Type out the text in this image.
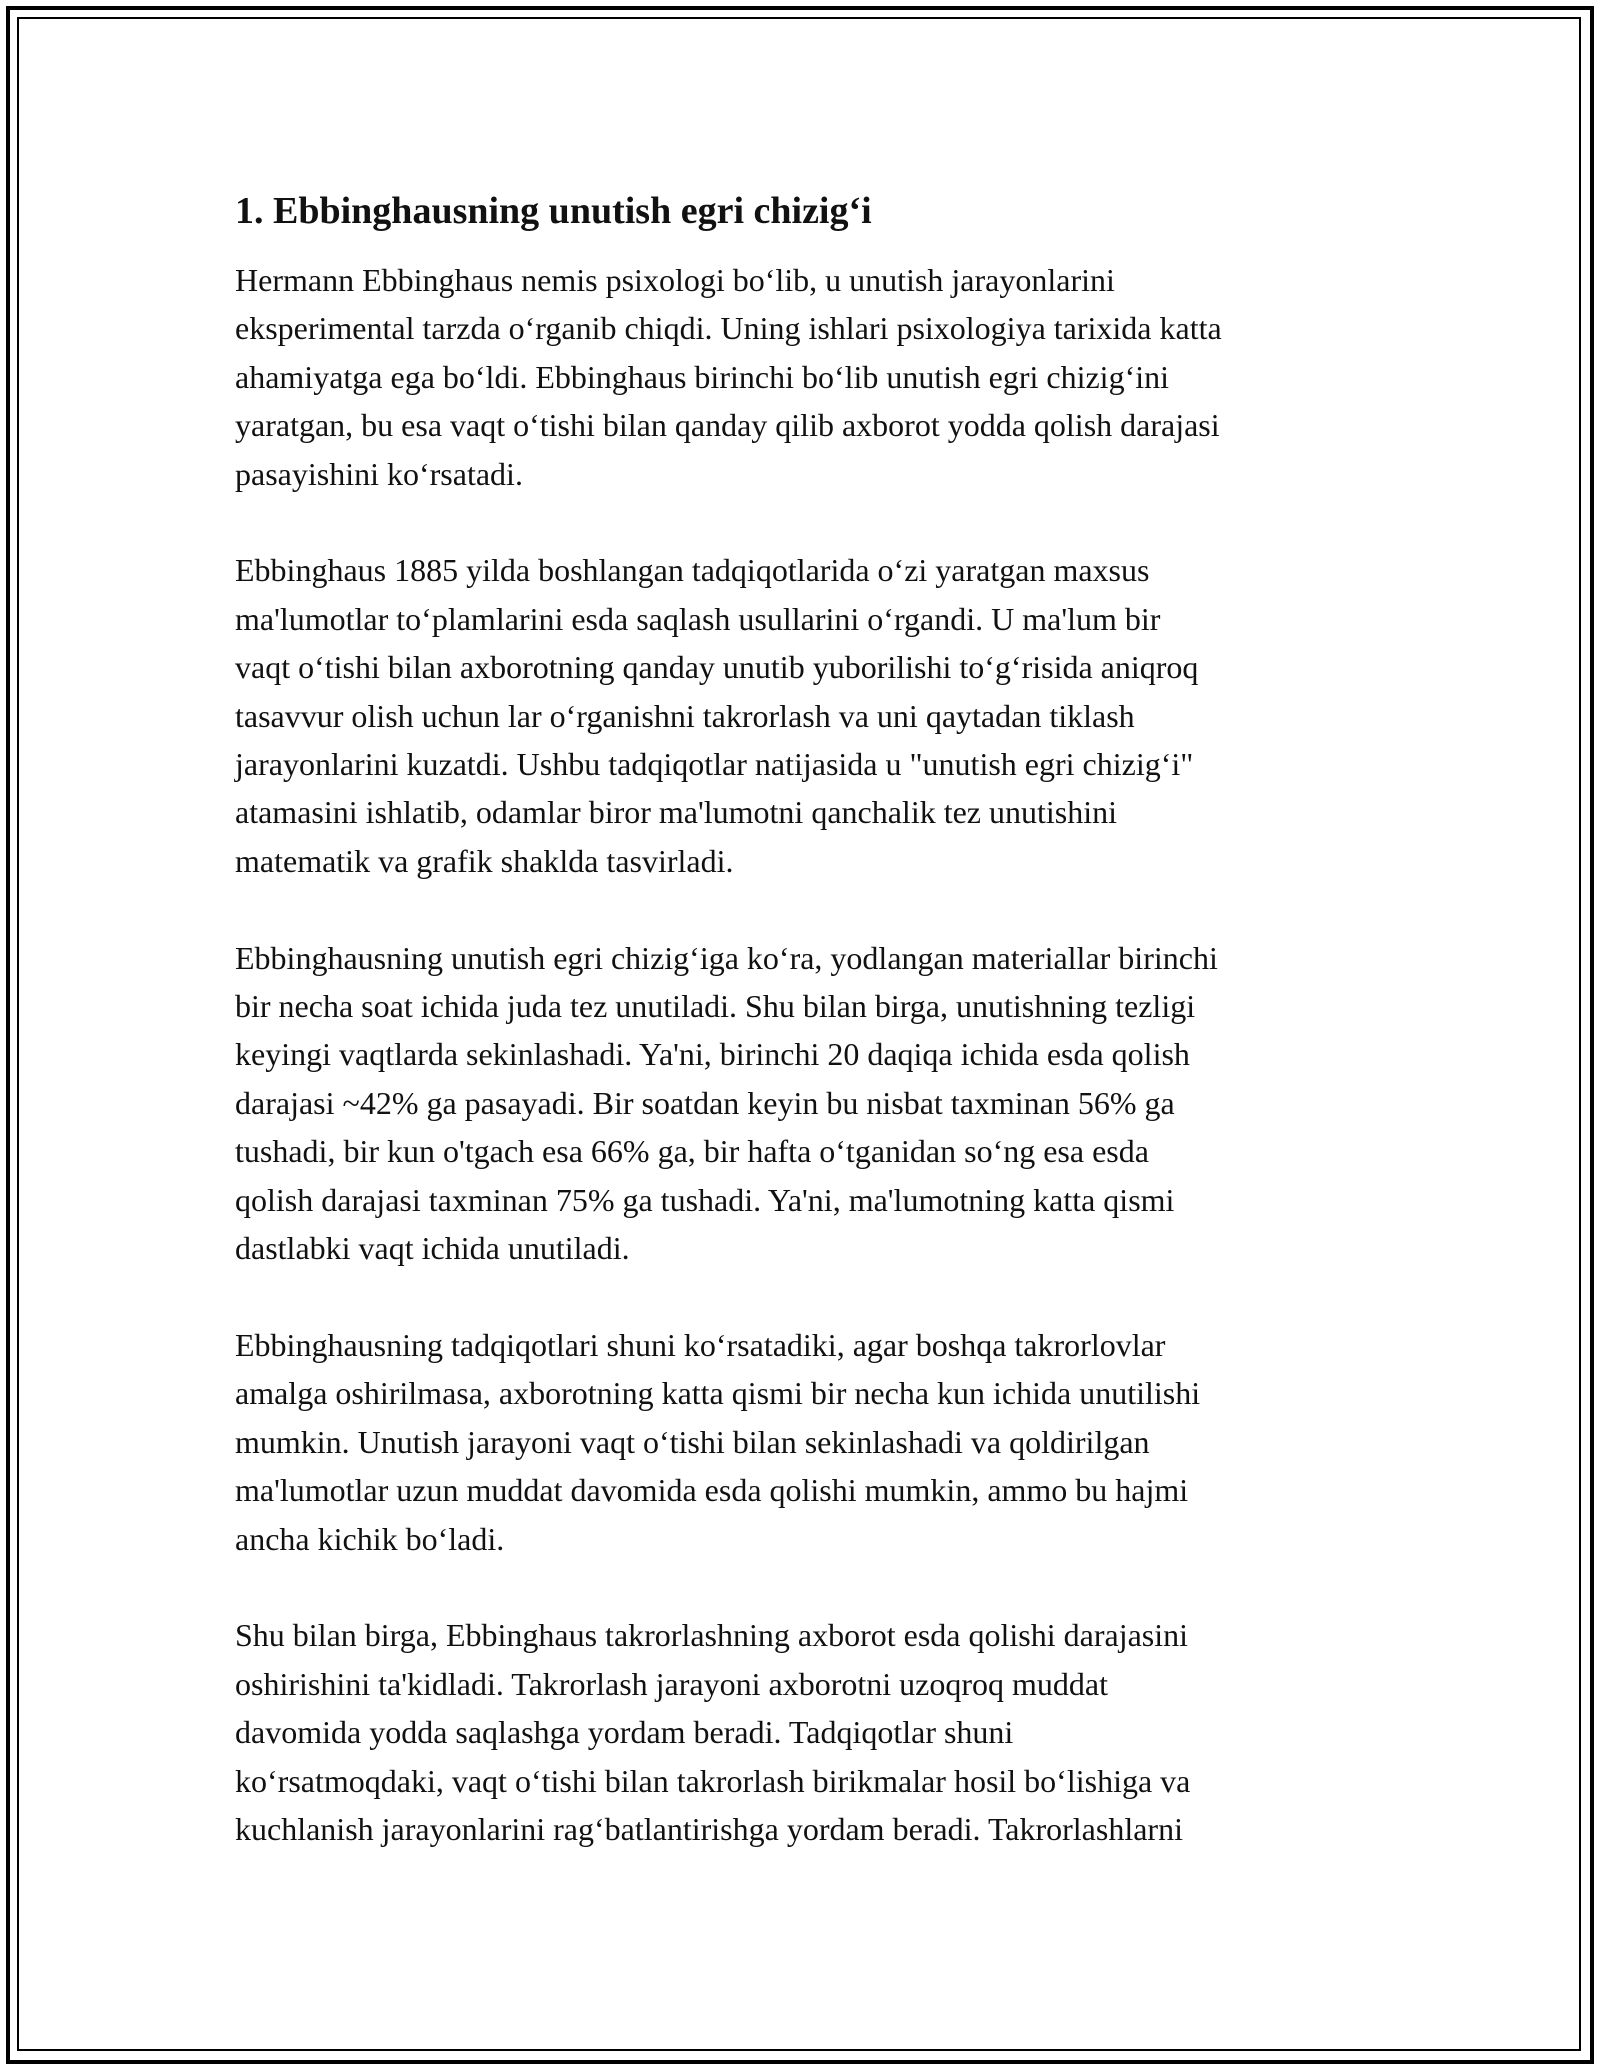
1. Ebbinghausning unutish egri chizig‘i

Hermann Ebbinghaus nemis psixologi bo‘lib, u unutish jarayonlarini
eksperimental tarzda o‘rganib chiqdi. Uning ishlari psixologiya tarixida katta
ahamiyatga ega bo‘ldi. Ebbinghaus birinchi bo‘lib unutish egri chizig‘ini
yaratgan, bu esa vaqt o‘tishi bilan qanday qilib axborot yodda qolish darajasi
pasayishini ko‘rsatadi.

Ebbinghaus 1885 yilda boshlangan tadqiqotlarida o‘zi yaratgan maxsus
ma'lumotlar to‘plamlarini esda saqlash usullarini o‘rgandi. U ma'lum bir
vaqt o‘tishi bilan axborotning qanday unutib yuborilishi to‘g‘risida aniqroq
tasavvur olish uchun lar o‘rganishni takrorlash va uni qaytadan tiklash
jarayonlarini kuzatdi. Ushbu tadqiqotlar natijasida u "unutish egri chizig‘i"
atamasini ishlatib, odamlar biror ma'lumotni qanchalik tez unutishini
matematik va grafik shaklda tasvirladi.

Ebbinghausning unutish egri chizig‘iga ko‘ra, yodlangan materiallar birinchi
bir necha soat ichida juda tez unutiladi. Shu bilan birga, unutishning tezligi
keyingi vaqtlarda sekinlashadi. Ya'ni, birinchi 20 daqiqa ichida esda qolish
darajasi ~42% ga pasayadi. Bir soatdan keyin bu nisbat taxminan 56% ga
tushadi, bir kun o'tgach esa 66% ga, bir hafta o‘tganidan so‘ng esa esda
qolish darajasi taxminan 75% ga tushadi. Ya'ni, ma'lumotning katta qismi
dastlabki vaqt ichida unutiladi.

Ebbinghausning tadqiqotlari shuni ko‘rsatadiki, agar boshqa takrorlovlar
amalga oshirilmasa, axborotning katta qismi bir necha kun ichida unutilishi
mumkin. Unutish jarayoni vaqt o‘tishi bilan sekinlashadi va qoldirilgan
ma'lumotlar uzun muddat davomida esda qolishi mumkin, ammo bu hajmi
ancha kichik bo‘ladi.

Shu bilan birga, Ebbinghaus takrorlashning axborot esda qolishi darajasini
oshirishini ta'kidladi. Takrorlash jarayoni axborotni uzoqroq muddat
davomida yodda saqlashga yordam beradi. Tadqiqotlar shuni
ko‘rsatmoqdaki, vaqt o‘tishi bilan takrorlash birikmalar hosil bo‘lishiga va
kuchlanish jarayonlarini rag‘batlantirishga yordam beradi. Takrorlashlarni
